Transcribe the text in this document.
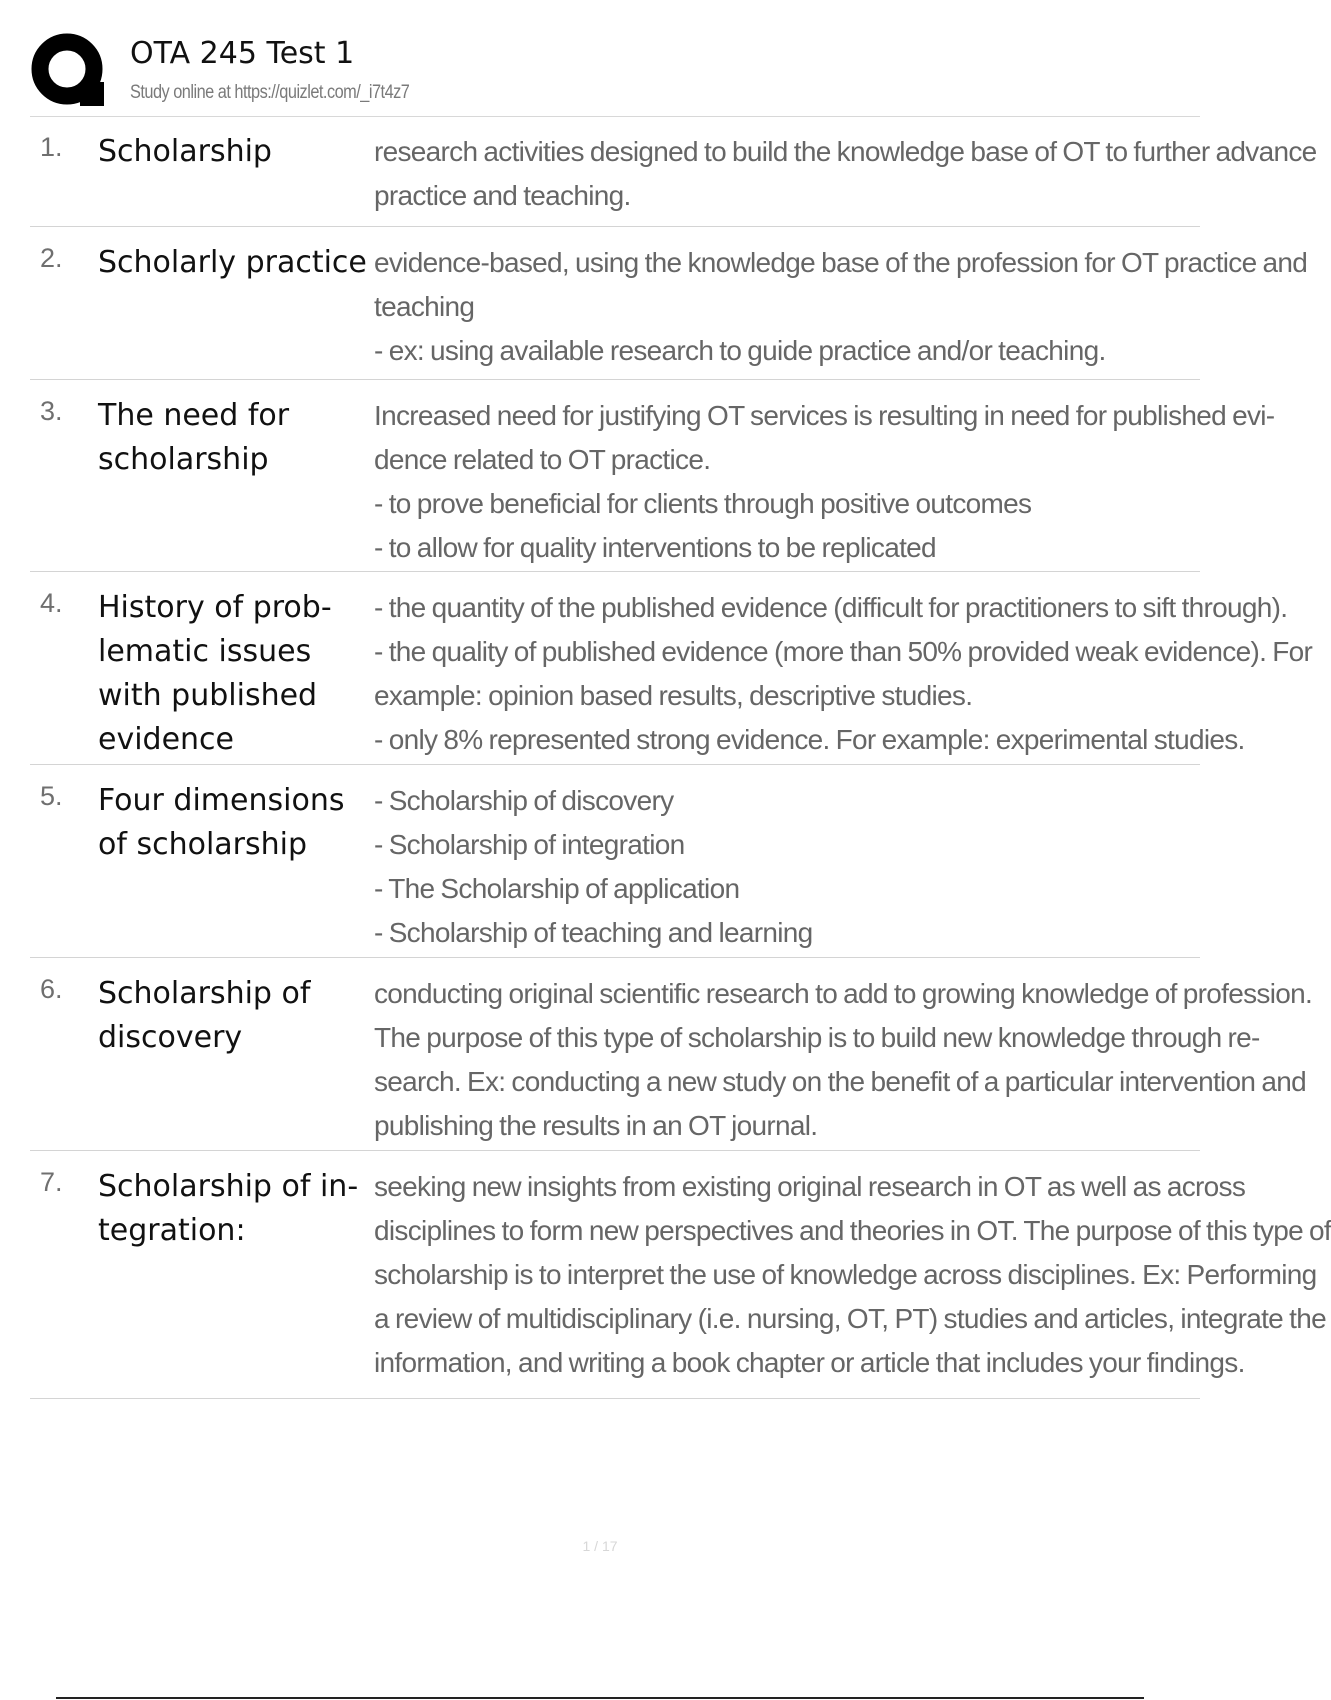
OTA 245 Test 1
Study online at https://quizlet.com/_i7t4z7
1. Scholarship	research activities designed to build the knowledge base of OT to further advance
practice and teaching.
2. Scholarly practice evidence-based, using the knowledge base of the profession for OT practice and
teaching
- ex: using available research to guide practice and/or teaching.
3. The need for scholarship
Increased need for justifying OT services is resulting in need for published evi-
dence related to OT practice.
- to prove beneficial for clients through positive outcomes
- to allow for quality interventions to be replicated
4. History of prob-lematic issues with published evidence
- the quantity of the published evidence (difficult for practitioners to sift through).
- the quality of published evidence (more than 50% provided weak evidence). For
example: opinion based results, descriptive studies.
- only 8% represented strong evidence. For example: experimental studies.
5. Four dimensions of scholarship
- Scholarship of discovery
- Scholarship of integration
- The Scholarship of application
- Scholarship of teaching and learning
6. Scholarship of discovery
conducting original scientific research to add to growing knowledge of profession.
The purpose of this type of scholarship is to build new knowledge through re-
search. Ex: conducting a new study on the benefit of a particular intervention and
publishing the results in an OT journal.
7. Scholarship of in-tegration:
seeking new insights from existing original research in OT as well as across
disciplines to form new perspectives and theories in OT. The purpose of this type of
scholarship is to interpret the use of knowledge across disciplines. Ex: Performing
a review of multidisciplinary (i.e. nursing, OT, PT) studies and articles, integrate the
information, and writing a book chapter or article that includes your findings.
1 / 17
